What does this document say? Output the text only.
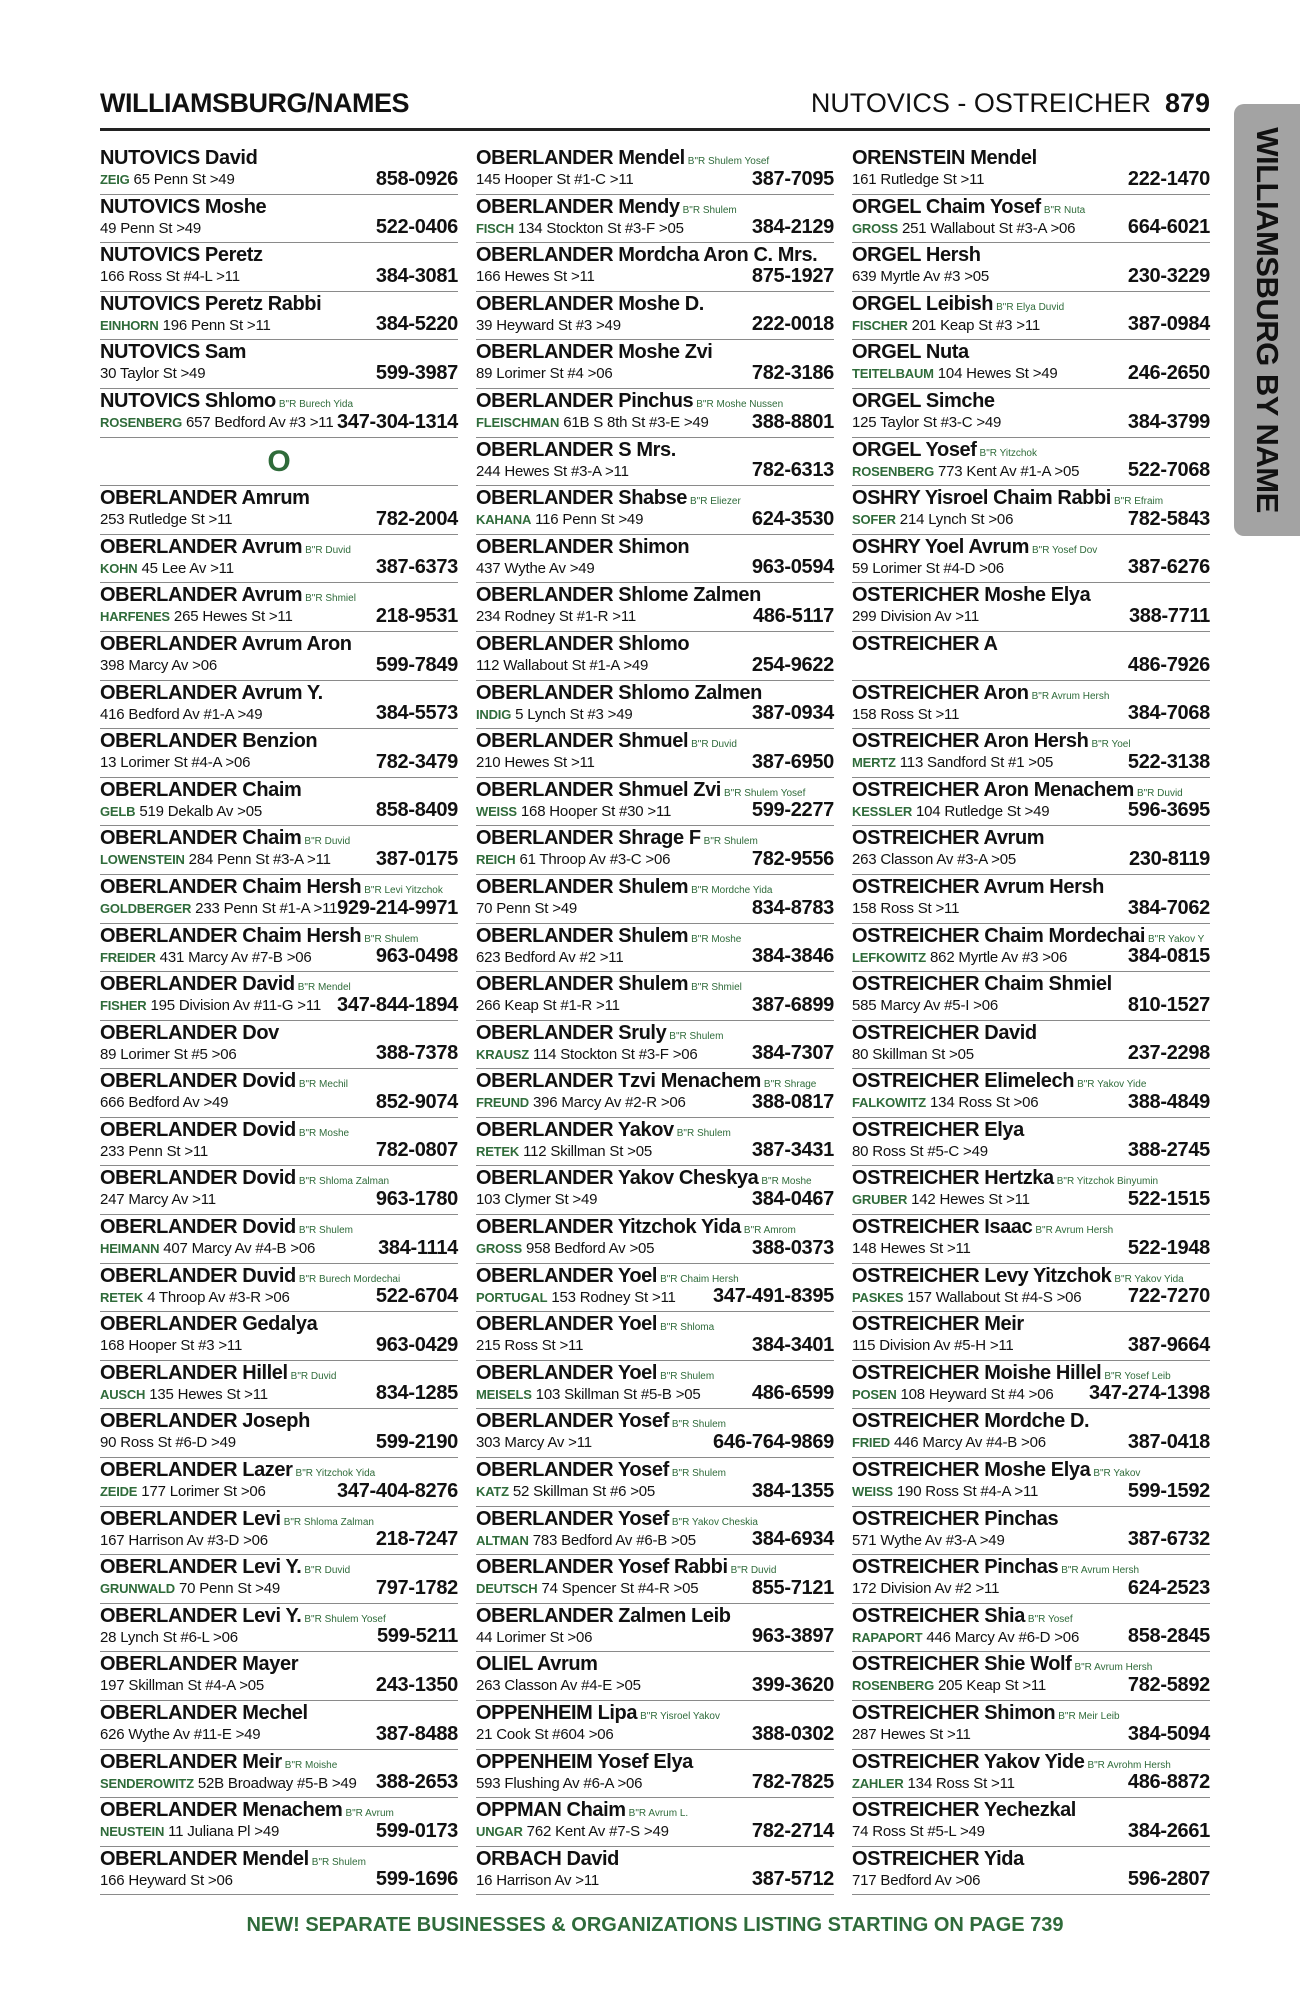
WILLIAMSBURG/NAMES	NUTOVICS - OSTREICHER 879
WILLIAMSBURG BY NAME
NUTOVICS David
ZEIG 65 Penn St >49	858-0926
NUTOVICS Moshe
49 Penn St >49	522-0406
NUTOVICS Peretz
166 Ross St #4-L >11	384-3081
NUTOVICS Peretz Rabbi
EINHORN 196 Penn St >11	384-5220
NUTOVICS Sam
30 Taylor St >49	599-3987
NUTOVICS Shlomo B"R Burech Yida
ROSENBERG 657 Bedford Av #3 >11 347-304-1314
O
OBERLANDER Amrum
253 Rutledge St >11	782-2004
OBERLANDER Avrum B"R Duvid
KOHN 45 Lee Av >11	387-6373
OBERLANDER Avrum B"R Shmiel
HARFENES 265 Hewes St >11	218-9531
OBERLANDER Avrum Aron
398 Marcy Av >06	599-7849
OBERLANDER Avrum Y.
416 Bedford Av #1-A >49	384-5573
OBERLANDER Benzion
13 Lorimer St #4-A >06	782-3479
OBERLANDER Chaim
GELB 519 Dekalb Av >05	858-8409
OBERLANDER Chaim B"R Duvid
LOWENSTEIN 284 Penn St #3-A >11 387-0175
OBERLANDER Chaim Hersh B"R Levi Yitzchok
GOLDBERGER 233 Penn St #1-A >11 929-214-9971
OBERLANDER Chaim Hersh B"R Shulem
FREIDER 431 Marcy Av #7-B >06	963-0498
OBERLANDER David B"R Mendel
FISHER 195 Division Av #11-G >11 347-844-1894
OBERLANDER Dov
89 Lorimer St #5 >06	388-7378
OBERLANDER Dovid B"R Mechil
666 Bedford Av >49	852-9074
OBERLANDER Dovid B"R Moshe
233 Penn St >11	782-0807
OBERLANDER Dovid B"R Shloma Zalman
247 Marcy Av >11	963-1780
OBERLANDER Dovid B"R Shulem
HEIMANN 407 Marcy Av #4-B >06	384-1114
OBERLANDER Duvid B"R Burech Mordechai
RETEK 4 Throop Av #3-R >06	522-6704
OBERLANDER Gedalya
168 Hooper St #3 >11	963-0429
OBERLANDER Hillel B"R Duvid
AUSCH 135 Hewes St >11	834-1285
OBERLANDER Joseph
90 Ross St #6-D >49	599-2190
OBERLANDER Lazer B"R Yitzchok Yida
ZEIDE 177 Lorimer St >06	347-404-8276
OBERLANDER Levi B"R Shloma Zalman
167 Harrison Av #3-D >06	218-7247
OBERLANDER Levi Y. B"R Duvid
GRUNWALD 70 Penn St >49	797-1782
OBERLANDER Levi Y. B"R Shulem Yosef
28 Lynch St #6-L >06	599-5211
OBERLANDER Mayer
197 Skillman St #4-A >05	243-1350
OBERLANDER Mechel
626 Wythe Av #11-E >49	387-8488
OBERLANDER Meir B"R Moishe
SENDEROWITZ 52B Broadway #5-B >49 388-2653
OBERLANDER Menachem B"R Avrum
NEUSTEIN 11 Juliana Pl >49	599-0173
OBERLANDER Mendel B"R Shulem
166 Heyward St >06	599-1696
OBERLANDER Mendel B"R Shulem Yosef
145 Hooper St #1-C >11	387-7095
OBERLANDER Mendy B"R Shulem
FISCH 134 Stockton St #3-F >05	384-2129
OBERLANDER Mordcha Aron C. Mrs.
166 Hewes St >11	875-1927
OBERLANDER Moshe D.
39 Heyward St #3 >49	222-0018
OBERLANDER Moshe Zvi
89 Lorimer St #4 >06	782-3186
OBERLANDER Pinchus B"R Moshe Nussen
FLEISCHMAN 61B S 8th St #3-E >49 388-8801
OBERLANDER S Mrs.
244 Hewes St #3-A >11	782-6313
OBERLANDER Shabse B"R Eliezer
KAHANA 116 Penn St >49	624-3530
OBERLANDER Shimon
437 Wythe Av >49	963-0594
OBERLANDER Shlome Zalmen
234 Rodney St #1-R >11	486-5117
OBERLANDER Shlomo
112 Wallabout St #1-A >49	254-9622
OBERLANDER Shlomo Zalmen
INDIG 5 Lynch St #3 >49	387-0934
OBERLANDER Shmuel B"R Duvid
210 Hewes St >11	387-6950
OBERLANDER Shmuel Zvi B"R Shulem Yosef
WEISS 168 Hooper St #30 >11	599-2277
OBERLANDER Shrage F B"R Shulem
REICH 61 Throop Av #3-C >06	782-9556
OBERLANDER Shulem B"R Mordche Yida
70 Penn St >49	834-8783
OBERLANDER Shulem B"R Moshe
623 Bedford Av #2 >11	384-3846
OBERLANDER Shulem B"R Shmiel
266 Keap St #1-R >11	387-6899
OBERLANDER Sruly B"R Shulem
KRAUSZ 114 Stockton St #3-F >06	384-7307
OBERLANDER Tzvi Menachem B"R Shrage
FREUND 396 Marcy Av #2-R >06	388-0817
OBERLANDER Yakov B"R Shulem
RETEK 112 Skillman St >05	387-3431
OBERLANDER Yakov Cheskya B"R Moshe
103 Clymer St >49	384-0467
OBERLANDER Yitzchok Yida B"R Amrom
GROSS 958 Bedford Av >05	388-0373
OBERLANDER Yoel B"R Chaim Hersh
PORTUGAL 153 Rodney St >11 347-491-8395
OBERLANDER Yoel B"R Shloma
215 Ross St >11	384-3401
OBERLANDER Yoel B"R Shulem
MEISELS 103 Skillman St #5-B >05	486-6599
OBERLANDER Yosef B"R Shulem
303 Marcy Av >11	646-764-9869
OBERLANDER Yosef B"R Shulem
KATZ 52 Skillman St #6 >05	384-1355
OBERLANDER Yosef B"R Yakov Cheskia
ALTMAN 783 Bedford Av #6-B >05	384-6934
OBERLANDER Yosef Rabbi B"R Duvid
DEUTSCH 74 Spencer St #4-R >05	855-7121
OBERLANDER Zalmen Leib
44 Lorimer St >06	963-3897
OLIEL Avrum
263 Classon Av #4-E >05	399-3620
OPPENHEIM Lipa B"R Yisroel Yakov
21 Cook St #604 >06	388-0302
OPPENHEIM Yosef Elya
593 Flushing Av #6-A >06	782-7825
OPPMAN Chaim B"R Avrum L.
UNGAR 762 Kent Av #7-S >49	782-2714
ORBACH David
16 Harrison Av >11	387-5712
ORENSTEIN Mendel
161 Rutledge St >11	222-1470
ORGEL Chaim Yosef B"R Nuta
GROSS 251 Wallabout St #3-A >06	664-6021
ORGEL Hersh
639 Myrtle Av #3 >05	230-3229
ORGEL Leibish B"R Elya Duvid
FISCHER 201 Keap St #3 >11	387-0984
ORGEL Nuta
TEITELBAUM 104 Hewes St >49	246-2650
ORGEL Simche
125 Taylor St #3-C >49	384-3799
ORGEL Yosef B"R Yitzchok
ROSENBERG 773 Kent Av #1-A >05 522-7068
OSHRY Yisroel Chaim Rabbi B"R Efraim
SOFER 214 Lynch St >06	782-5843
OSHRY Yoel Avrum B"R Yosef Dov
59 Lorimer St #4-D >06	387-6276
OSTERICHER Moshe Elya
299 Division Av >11	388-7711
OSTREICHER A
486-7926
OSTREICHER Aron B"R Avrum Hersh
158 Ross St >11	384-7068
OSTREICHER Aron Hersh B"R Yoel
MERTZ 113 Sandford St #1 >05	522-3138
OSTREICHER Aron Menachem B"R Duvid
KESSLER 104 Rutledge St >49	596-3695
OSTREICHER Avrum
263 Classon Av #3-A >05	230-8119
OSTREICHER Avrum Hersh
158 Ross St >11	384-7062
OSTREICHER Chaim Mordechai B"R Yakov Y
LEFKOWITZ 862 Myrtle Av #3 >06	384-0815
OSTREICHER Chaim Shmiel
585 Marcy Av #5-I >06	810-1527
OSTREICHER David
80 Skillman St >05	237-2298
OSTREICHER Elimelech B"R Yakov Yide
FALKOWITZ 134 Ross St >06	388-4849
OSTREICHER Elya
80 Ross St #5-C >49	388-2745
OSTREICHER Hertzka B"R Yitzchok Binyumin
GRUBER 142 Hewes St >11	522-1515
OSTREICHER Isaac B"R Avrum Hersh
148 Hewes St >11	522-1948
OSTREICHER Levy Yitzchok B"R Yakov Yida
PASKES 157 Wallabout St #4-S >06 722-7270
OSTREICHER Meir
115 Division Av #5-H >11	387-9664
OSTREICHER Moishe Hillel B"R Yosef Leib
POSEN 108 Heyward St #4 >06 347-274-1398
OSTREICHER Mordche D.
FRIED 446 Marcy Av #4-B >06	387-0418
OSTREICHER Moshe Elya B"R Yakov
WEISS 190 Ross St #4-A >11	599-1592
OSTREICHER Pinchas
571 Wythe Av #3-A >49	387-6732
OSTREICHER Pinchas B"R Avrum Hersh
172 Division Av #2 >11	624-2523
OSTREICHER Shia B"R Yosef
RAPAPORT 446 Marcy Av #6-D >06 858-2845
OSTREICHER Shie Wolf B"R Avrum Hersh
ROSENBERG 205 Keap St >11	782-5892
OSTREICHER Shimon B"R Meir Leib
287 Hewes St >11	384-5094
OSTREICHER Yakov Yide B"R Avrohm Hersh
ZAHLER 134 Ross St >11	486-8872
OSTREICHER Yechezkal
74 Ross St #5-L >49	384-2661
OSTREICHER Yida
717 Bedford Av >06	596-2807
NEW! SEPARATE BUSINESSES & ORGANIZATIONS LISTING STARTING ON PAGE 739
